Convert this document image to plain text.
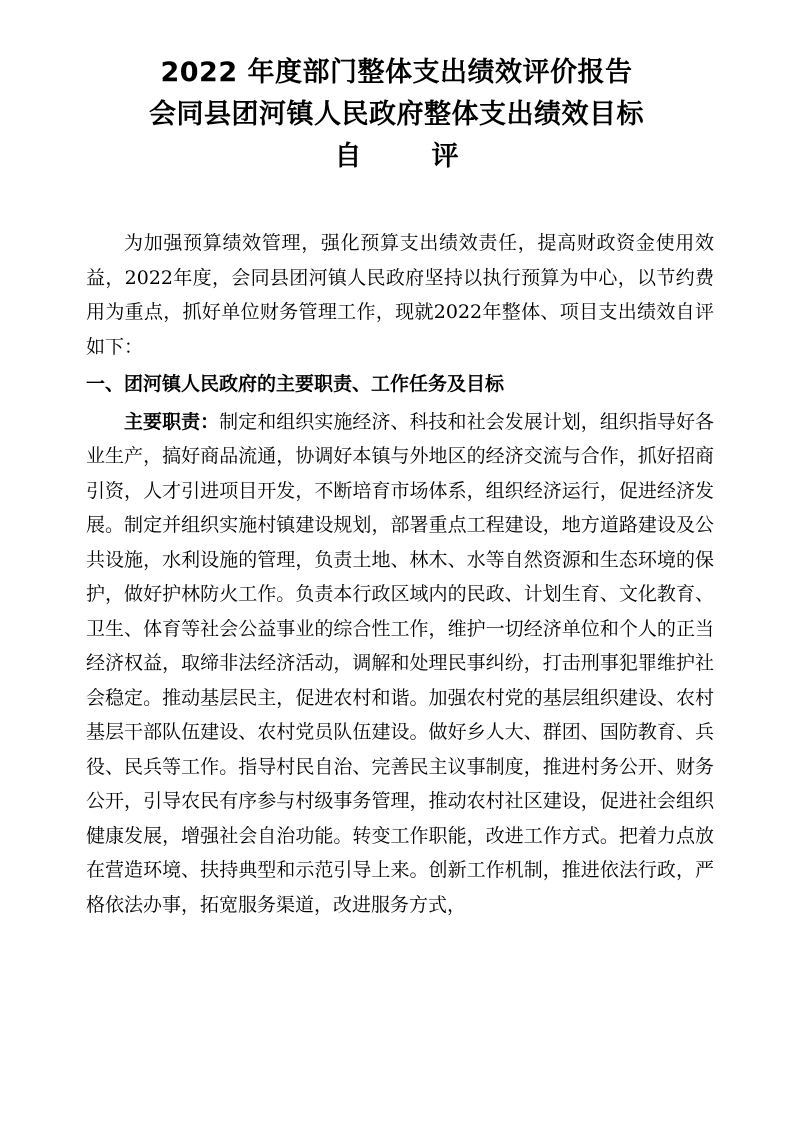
2022 年度部门整体支出绩效评价报告
会同县团河镇人民政府整体支出绩效目标
自评

为加强预算绩效管理，强化预算支出绩效责任，提高财政资金使用效益，2022年度，会同县团河镇人民政府坚持以执行预算为中心，以节约费用为重点，抓好单位财务管理工作，现就2022年整体、项目支出绩效自评如下：

一、团河镇人民政府的主要职责、工作任务及目标

主要职责：制定和组织实施经济、科技和社会发展计划，组织指导好各业生产，搞好商品流通，协调好本镇与外地区的经济交流与合作，抓好招商引资，人才引进项目开发，不断培育市场体系，组织经济运行，促进经济发展。制定并组织实施村镇建设规划，部署重点工程建设，地方道路建设及公共设施，水利设施的管理，负责土地、林木、水等自然资源和生态环境的保护，做好护林防火工作。负责本行政区域内的民政、计划生育、文化教育、卫生、体育等社会公益事业的综合性工作，维护一切经济单位和个人的正当经济权益，取缔非法经济活动，调解和处理民事纠纷，打击刑事犯罪维护社会稳定。推动基层民主，促进农村和谐。加强农村党的基层组织建设、农村基层干部队伍建设、农村党员队伍建设。做好乡人大、群团、国防教育、兵役、民兵等工作。指导村民自治、完善民主议事制度，推进村务公开、财务公开，引导农民有序参与村级事务管理，推动农村社区建设，促进社会组织健康发展，增强社会自治功能。转变工作职能，改进工作方式。把着力点放在营造环境、扶持典型和示范引导上来。创新工作机制，推进依法行政，严格依法办事，拓宽服务渠道，改进服务方式，
